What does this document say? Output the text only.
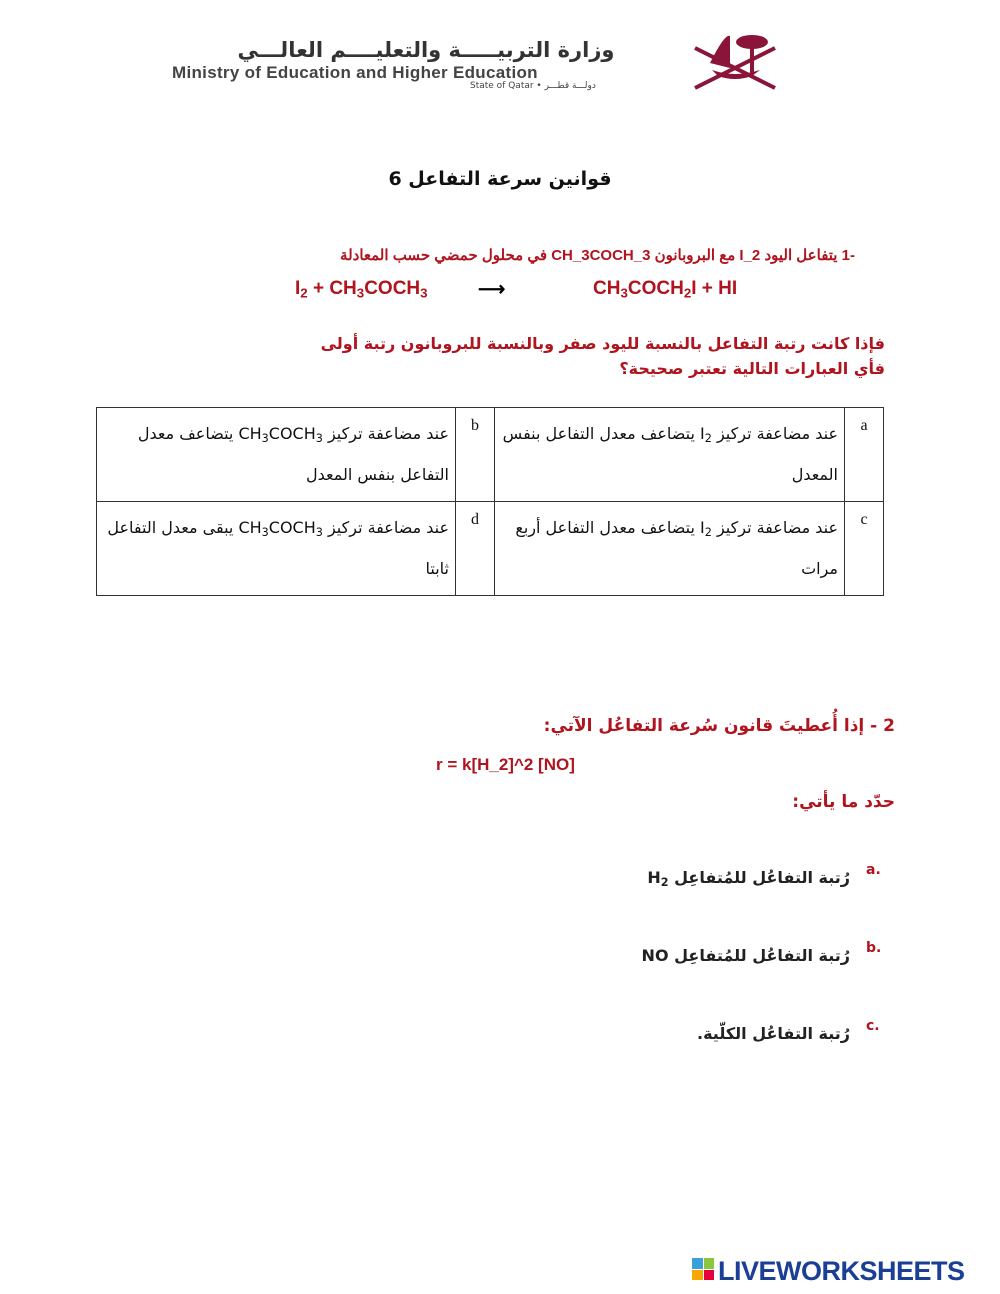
وزارة التربيـــــة والتعليــــم العالـــي
Ministry of Education and Higher Education
State of Qatar • دولـــة قطـــر
قوانين سرعة التفاعل 6
-1 يتفاعل اليود I_2 مع البروبانون CH_3COCH_3 في محلول حمضي حسب المعادلة
$I_2$ + $CH_3COCH_3$	⟶	$CH_3COCH_2I$ + HI
فإذا كانت رتبة التفاعل بالنسبة لليود صفر وبالنسبة للبروبانون رتبة أولى
فأي العبارات التالية تعتبر صحيحة؟
a	عند مضاعفة تركيز $I_2$ يتضاعف معدل التفاعل بنفس المعدل	b	عند مضاعفة تركيز $CH_3COCH_3$ يتضاعف معدل التفاعل بنفس المعدل
c	عند مضاعفة تركيز $I_2$ يتضاعف معدل التفاعل أربع مرات	d	عند مضاعفة تركيز $CH_3COCH_3$ يبقى معدل التفاعل ثابتا
2 - إذا أُعطيتَ قانون سُرعة التفاعُل الآتي:
r = k[H_2]^2 [NO]
حدّد ما يأتي:
a.
رُتبة التفاعُل للمُتفاعِل $H_2$
b.
رُتبة التفاعُل للمُتفاعِل NO
c.
رُتبة التفاعُل الكلّية.
LIVEWORKSHEETS
